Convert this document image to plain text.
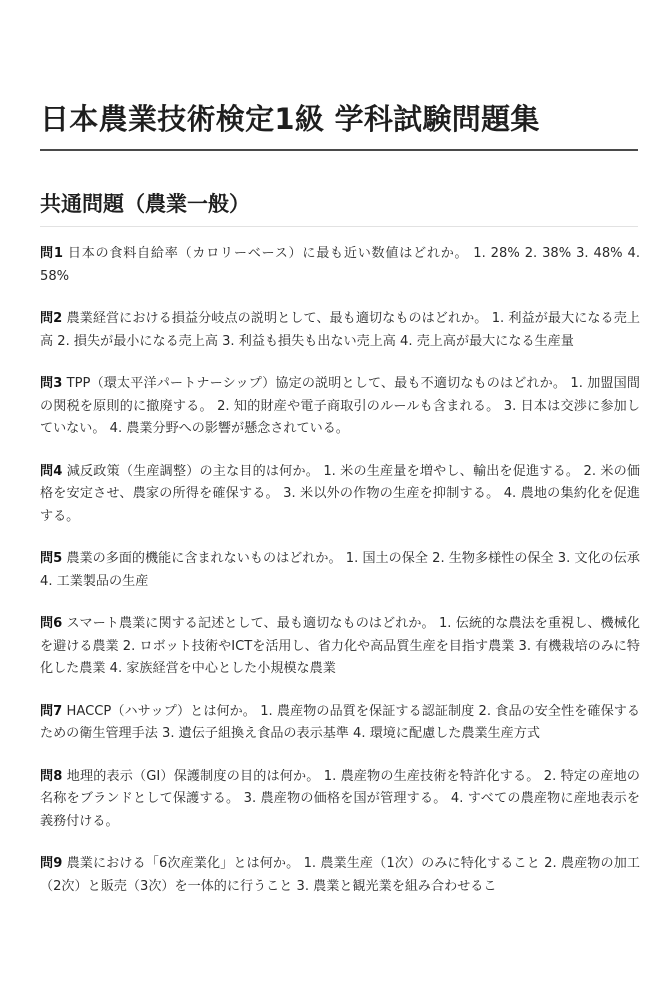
日本農業技術検定1級 学科試験問題集
共通問題（農業一般）

問1 日本の食料自給率（カロリーベース）に最も近い数値はどれか。 1. 28% 2. 38% 3. 48% 4. 58%

問2 農業経営における損益分岐点の説明として、最も適切なものはどれか。 1. 利益が最大になる売上高 2. 損失が最小になる売上高 3. 利益も損失も出ない売上高 4. 売上高が最大になる生産量

問3 TPP（環太平洋パートナーシップ）協定の説明として、最も不適切なものはどれか。 1. 加盟国間の関税を原則的に撤廃する。 2. 知的財産や電子商取引のルールも含まれる。 3. 日本は交渉に参加していない。 4. 農業分野への影響が懸念されている。

問4 減反政策（生産調整）の主な目的は何か。 1. 米の生産量を増やし、輸出を促進する。 2. 米の価格を安定させ、農家の所得を確保する。 3. 米以外の作物の生産を抑制する。 4. 農地の集約化を促進する。

問5 農業の多面的機能に含まれないものはどれか。 1. 国土の保全 2. 生物多様性の保全 3. 文化の伝承 4. 工業製品の生産

問6 スマート農業に関する記述として、最も適切なものはどれか。 1. 伝統的な農法を重視し、機械化を避ける農業 2. ロボット技術やICTを活用し、省力化や高品質生産を目指す農業 3. 有機栽培のみに特化した農業 4. 家族経営を中心とした小規模な農業

問7 HACCP（ハサップ）とは何か。 1. 農産物の品質を保証する認証制度 2. 食品の安全性を確保するための衛生管理手法 3. 遺伝子組換え食品の表示基準 4. 環境に配慮した農業生産方式

問8 地理的表示（GI）保護制度の目的は何か。 1. 農産物の生産技術を特許化する。 2. 特定の産地の名称をブランドとして保護する。 3. 農産物の価格を国が管理する。 4. すべての農産物に産地表示を義務付ける。

問9 農業における「6次産業化」とは何か。 1. 農業生産（1次）のみに特化すること 2. 農産物の加工（2次）と販売（3次）を一体的に行うこと 3. 農業と観光業を組み合わせるこ
